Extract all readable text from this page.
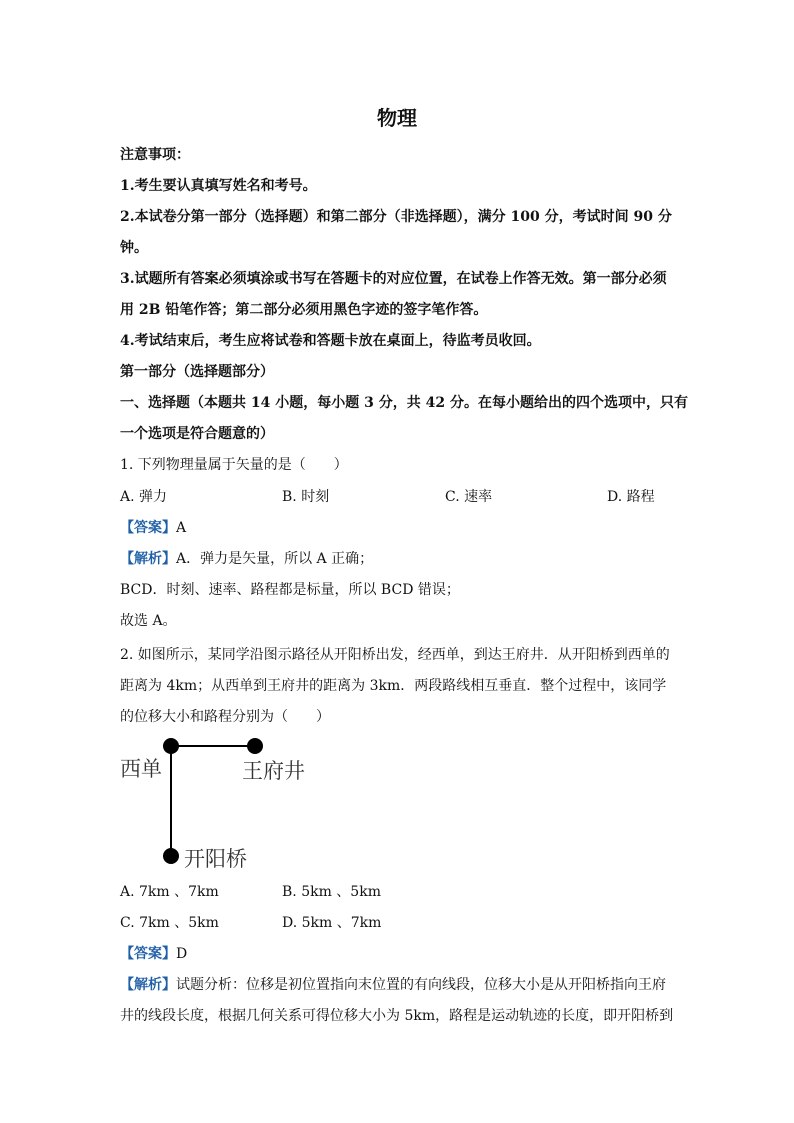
物理
注意事项：
1.考生要认真填写姓名和考号。
2.本试卷分第一部分（选择题）和第二部分（非选择题），满分 100 分，考试时间 90 分
钟。
3.试题所有答案必须填涂或书写在答题卡的对应位置，在试卷上作答无效。第一部分必须
用 2B 铅笔作答；第二部分必须用黑色字迹的签字笔作答。
4.考试结束后，考生应将试卷和答题卡放在桌面上，待监考员收回。
第一部分（选择题部分）
一、选择题（本题共 14 小题，每小题 3 分，共 42 分。在每小题给出的四个选项中，只有
一个选项是符合题意的）
1. 下列物理量属于矢量的是（　　）
A. 弹力	B. 时刻	C. 速率	D. 路程
【答案】A
【解析】A．弹力是矢量，所以 A 正确；
BCD．时刻、速率、路程都是标量，所以 BCD 错误；
故选 A。
2. 如图所示，某同学沿图示路径从开阳桥出发，经西单，到达王府井．从开阳桥到西单的
距离为 4km；从西单到王府井的距离为 3km．两段路线相互垂直．整个过程中，该同学
的位移大小和路程分别为（　　）
西单	王府井
开阳桥
A. 7km 、7km	B. 5km 、5km
C. 7km 、5km	D. 5km 、7km
【答案】D
【解析】试题分析：位移是初位置指向末位置的有向线段，位移大小是从开阳桥指向王府
井的线段长度，根据几何关系可得位移大小为 5km，路程是运动轨迹的长度，即开阳桥到
